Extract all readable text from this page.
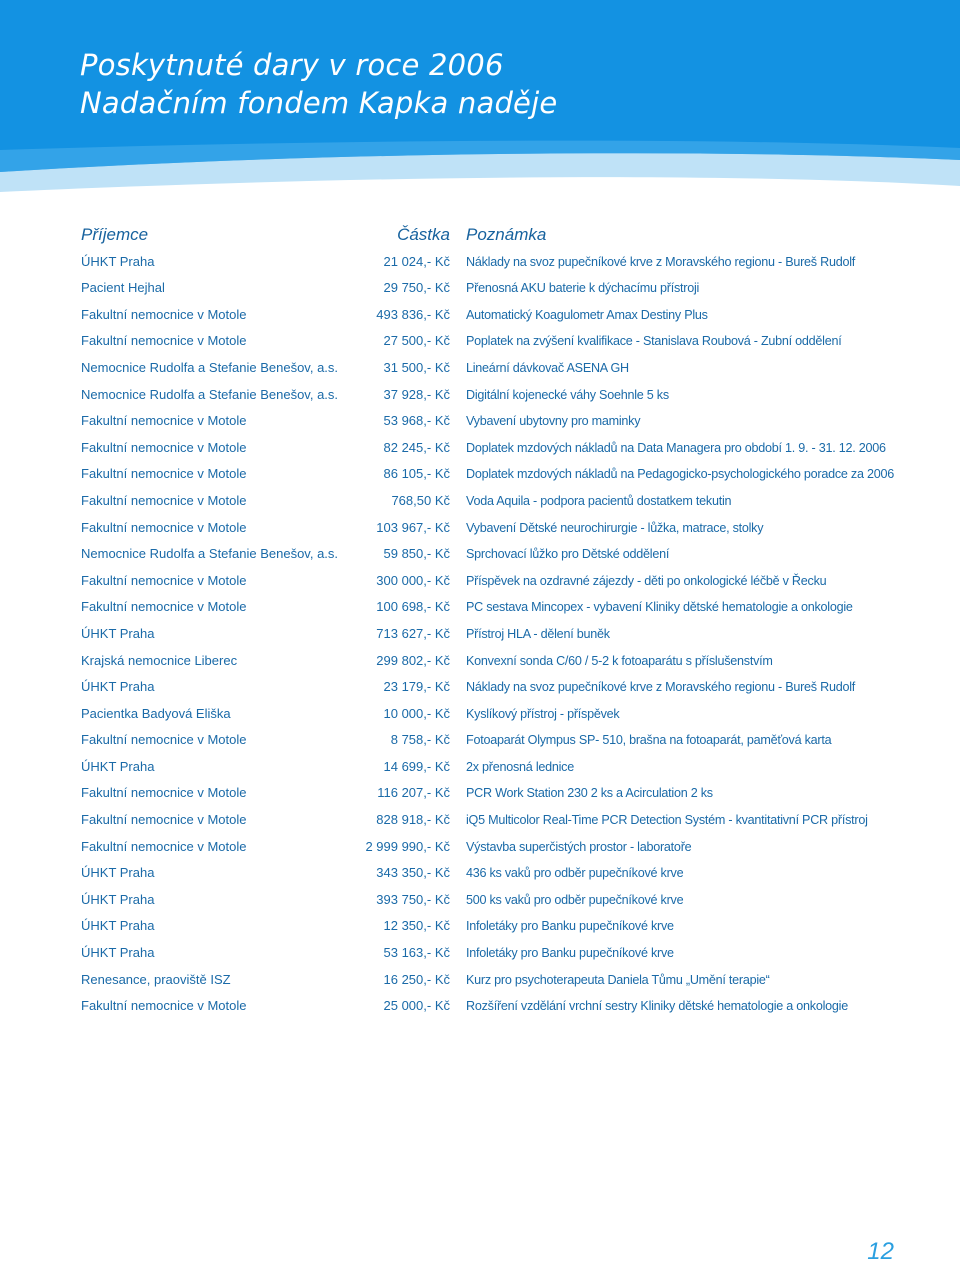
Poskytnuté dary v roce 2006
Nadačním fondem Kapka naděje
Příjemce	Částka Poznámka
ÚHKT Praha	21 024,- Kč Náklady na svoz pupečníkové krve z Moravského regionu - Bureš Rudolf
Pacient Hejhal	29 750,- Kč Přenosná AKU baterie k dýchacímu přístroji
Fakultní nemocnice v Motole	493 836,- Kč Automatický Koagulometr Amax Destiny Plus
Fakultní nemocnice v Motole	27 500,- Kč Poplatek na zvýšení kvalifikace - Stanislava Roubová - Zubní oddělení
Nemocnice Rudolfa a Stefanie Benešov, a.s.	31 500,- Kč Lineární dávkovač ASENA GH
Nemocnice Rudolfa a Stefanie Benešov, a.s.	37 928,- Kč Digitální kojenecké váhy Soehnle 5 ks
Fakultní nemocnice v Motole	53 968,- Kč Vybavení ubytovny pro maminky
Fakultní nemocnice v Motole	82 245,- Kč Doplatek mzdových nákladů na Data Managera pro období 1. 9. - 31. 12. 2006
Fakultní nemocnice v Motole	86 105,- Kč Doplatek mzdových nákladů na Pedagogicko-psychologického poradce za 2006
Fakultní nemocnice v Motole	768,50 Kč Voda Aquila - podpora pacientů dostatkem tekutin
Fakultní nemocnice v Motole	103 967,- Kč Vybavení Dětské neurochirurgie - lůžka, matrace, stolky
Nemocnice Rudolfa a Stefanie Benešov, a.s.	59 850,- Kč Sprchovací lůžko pro Dětské oddělení
Fakultní nemocnice v Motole	300 000,- Kč Příspěvek na ozdravné zájezdy - děti po onkologické léčbě v Řecku
Fakultní nemocnice v Motole	100 698,- Kč PC sestava Mincopex - vybavení Kliniky dětské hematologie a onkologie
ÚHKT Praha	713 627,- Kč Přístroj HLA - dělení buněk
Krajská nemocnice Liberec	299 802,- Kč Konvexní sonda C/60 / 5-2 k fotoaparátu s příslušenstvím
ÚHKT Praha	23 179,- Kč Náklady na svoz pupečníkové krve z Moravského regionu - Bureš Rudolf
Pacientka Badyová Eliška	10 000,- Kč Kyslíkový přístroj - příspěvek
Fakultní nemocnice v Motole	8 758,- Kč Fotoaparát Olympus SP- 510, brašna na fotoaparát, paměťová karta
ÚHKT Praha	14 699,- Kč 2x přenosná lednice
Fakultní nemocnice v Motole	116 207,- Kč PCR Work Station 230 2 ks a Acirculation 2 ks
Fakultní nemocnice v Motole	828 918,- Kč iQ5 Multicolor Real-Time PCR Detection Systém - kvantitativní PCR přístroj
Fakultní nemocnice v Motole	2 999 990,- Kč Výstavba superčistých prostor - laboratoře
ÚHKT Praha	343 350,- Kč 436 ks vaků pro odběr pupečníkové krve
ÚHKT Praha	393 750,- Kč 500 ks vaků pro odběr pupečníkové krve
ÚHKT Praha	12 350,- Kč Infoletáky pro Banku pupečníkové krve
ÚHKT Praha	53 163,- Kč Infoletáky pro Banku pupečníkové krve
Renesance, praoviště ISZ	16 250,- Kč Kurz pro psychoterapeuta Daniela Tůmu „Umění terapie“
Fakultní nemocnice v Motole	25 000,- Kč Rozšíření vzdělání vrchní sestry Kliniky dětské hematologie a onkologie
12
